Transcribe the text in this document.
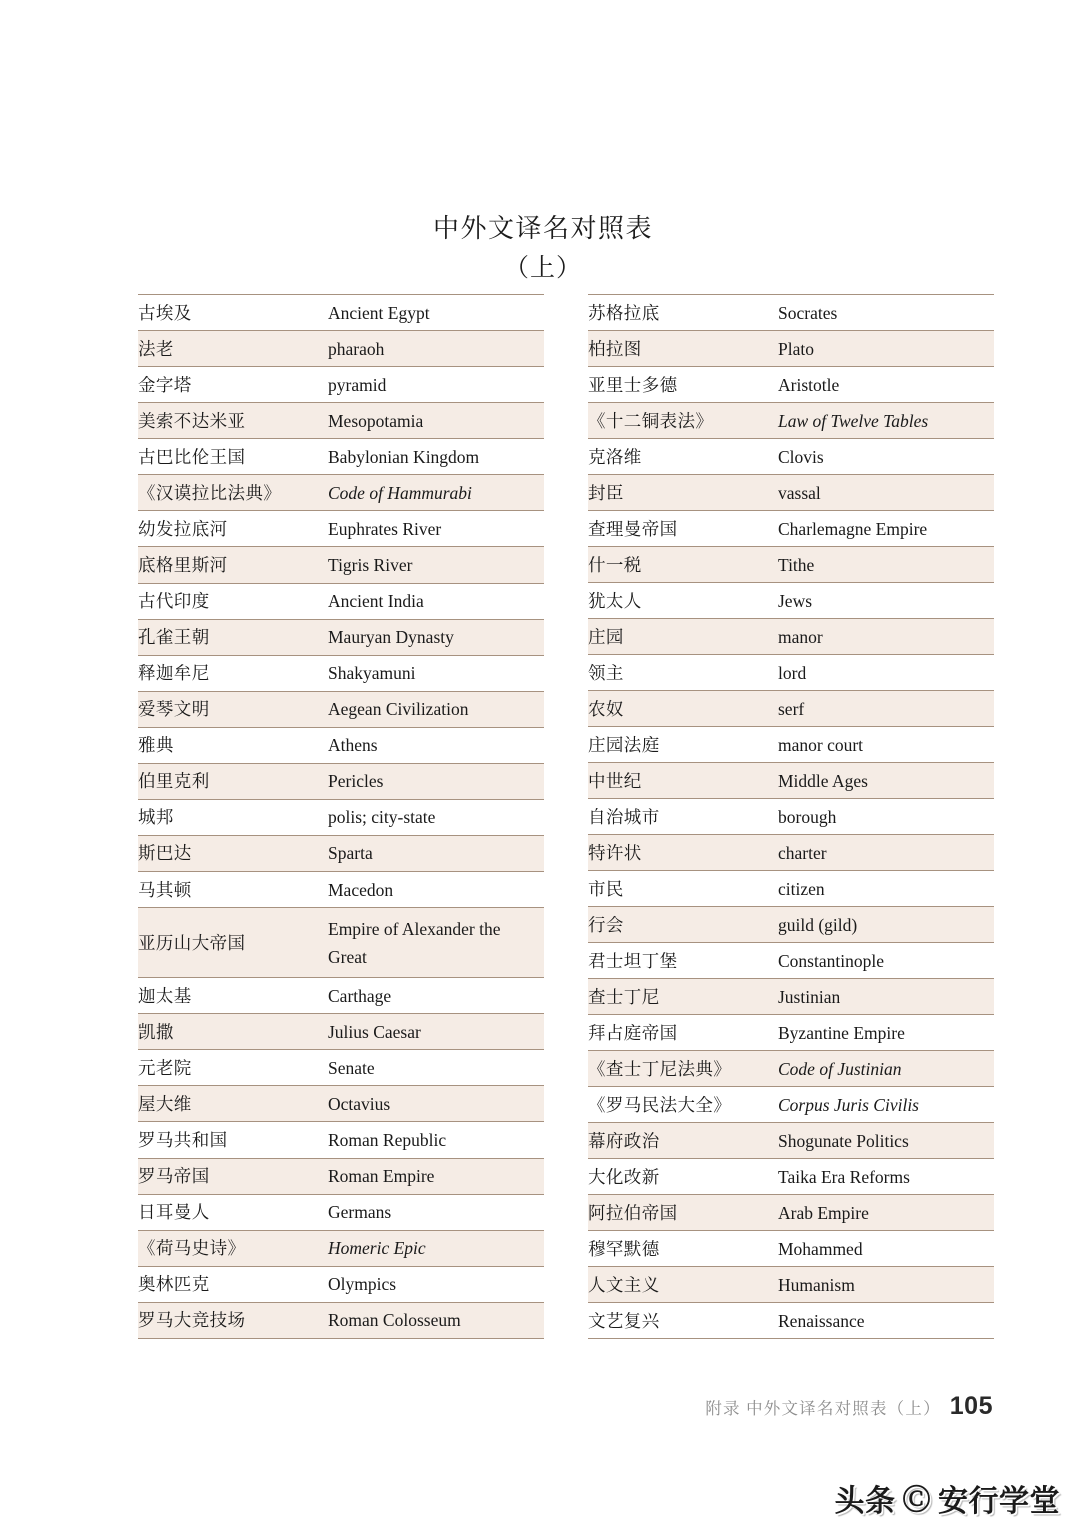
中外文译名对照表
（上）
古埃及	Ancient Egypt
法老	pharaoh
金字塔	pyramid
美索不达米亚	Mesopotamia
古巴比伦王国	Babylonian Kingdom
《汉谟拉比法典》	Code of Hammurabi
幼发拉底河	Euphrates River
底格里斯河	Tigris River
古代印度	Ancient India
孔雀王朝	Mauryan Dynasty
释迦牟尼	Shakyamuni
爱琴文明	Aegean Civilization
雅典	Athens
伯里克利	Pericles
城邦	polis; city-state
斯巴达	Sparta
马其顿	Macedon
亚历山大帝国	Empire of Alexander the
Great

迦太基	Carthage
凯撒	Julius Caesar
元老院	Senate
屋大维	Octavius
罗马共和国	Roman Republic
罗马帝国	Roman Empire
日耳曼人	Germans
《荷马史诗》	Homeric Epic
奥林匹克	Olympics
罗马大竞技场	Roman Colosseum
苏格拉底	Socrates
柏拉图	Plato
亚里士多德	Aristotle
《十二铜表法》	Law of Twelve Tables
克洛维	Clovis
封臣	vassal
查理曼帝国	Charlemagne Empire
什一税	Tithe
犹太人	Jews
庄园	manor
领主	lord
农奴	serf
庄园法庭	manor court
中世纪	Middle Ages
自治城市	borough
特许状	charter
市民	citizen
行会	guild (gild)
君士坦丁堡	Constantinople
查士丁尼	Justinian
拜占庭帝国	Byzantine Empire
《查士丁尼法典》	Code of Justinian
《罗马民法大全》	Corpus Juris Civilis
幕府政治	Shogunate Politics
大化改新	Taika Era Reforms
阿拉伯帝国	Arab Empire
穆罕默德	Mohammed
人文主义	Humanism
文艺复兴	Renaissance
附录 中外文译名对照表（上） 105
头条 Ⓒ 安行学堂
